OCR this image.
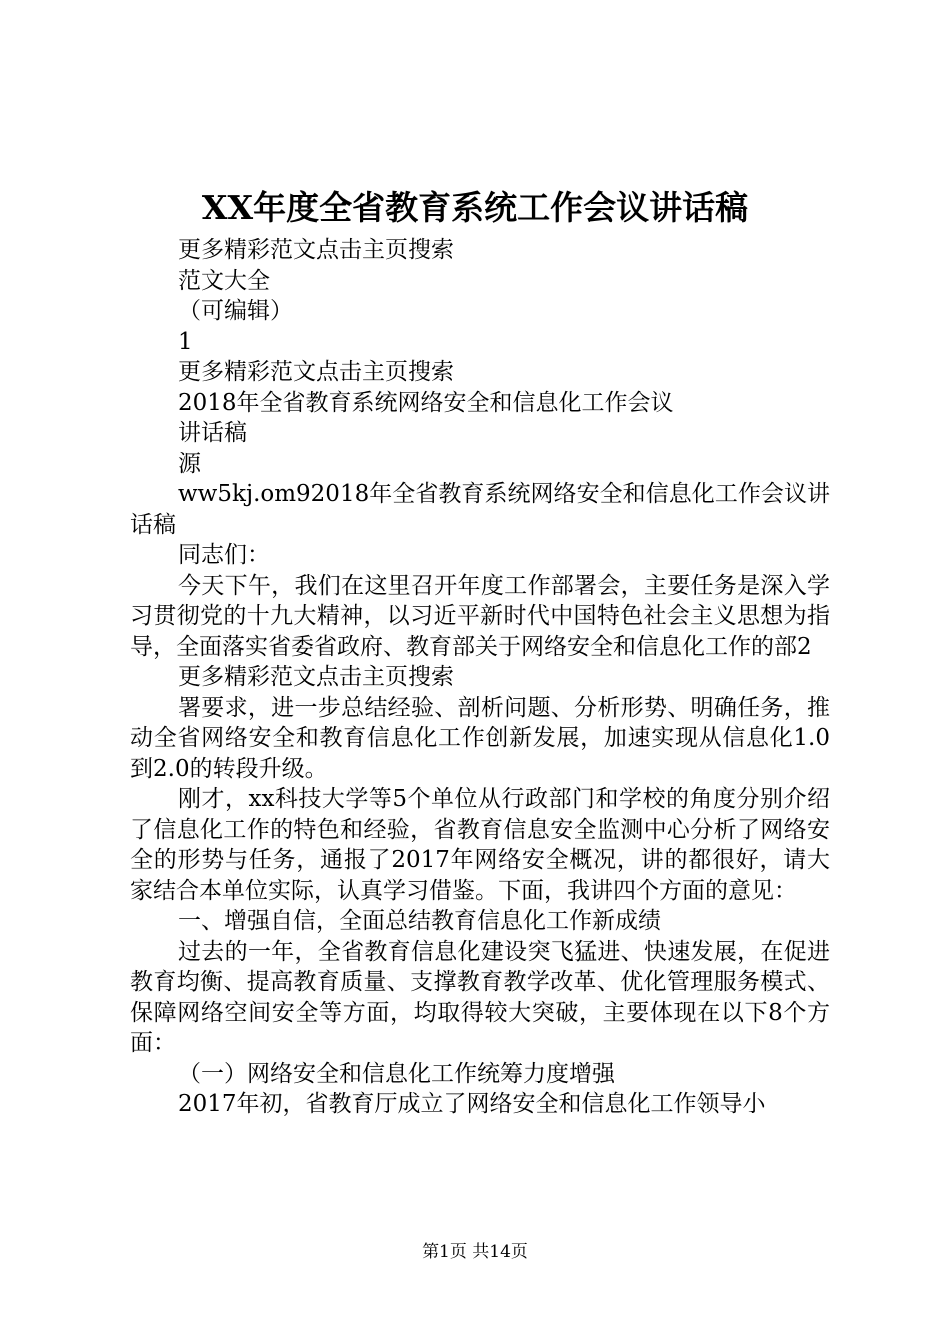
XX年度全省教育系统工作会议讲话稿

更多精彩范文点击主页搜索

范文大全

（可编辑）

1

更多精彩范文点击主页搜索

2018年全省教育系统网络安全和信息化工作会议

讲话稿

源

ww5kj.om92018年全省教育系统网络安全和信息化工作会议讲话稿

同志们：

今天下午，我们在这里召开年度工作部署会，主要任务是深入学习贯彻党的十九大精神，以习近平新时代中国特色社会主义思想为指导，全面落实省委省政府、教育部关于网络安全和信息化工作的部2

更多精彩范文点击主页搜索

署要求，进一步总结经验、剖析问题、分析形势、明确任务，推动全省网络安全和教育信息化工作创新发展，加速实现从信息化1.0到2.0的转段升级。

刚才，xx科技大学等5个单位从行政部门和学校的角度分别介绍了信息化工作的特色和经验，省教育信息安全监测中心分析了网络安全的形势与任务，通报了2017年网络安全概况，讲的都很好，请大家结合本单位实际，认真学习借鉴。下面，我讲四个方面的意见：

一、增强自信，全面总结教育信息化工作新成绩

过去的一年，全省教育信息化建设突飞猛进、快速发展，在促进教育均衡、提高教育质量、支撑教育教学改革、优化管理服务模式、保障网络空间安全等方面，均取得较大突破，主要体现在以下8个方面：

（一）网络安全和信息化工作统筹力度增强

2017年初，省教育厅成立了网络安全和信息化工作领导小

第1页 共14页
